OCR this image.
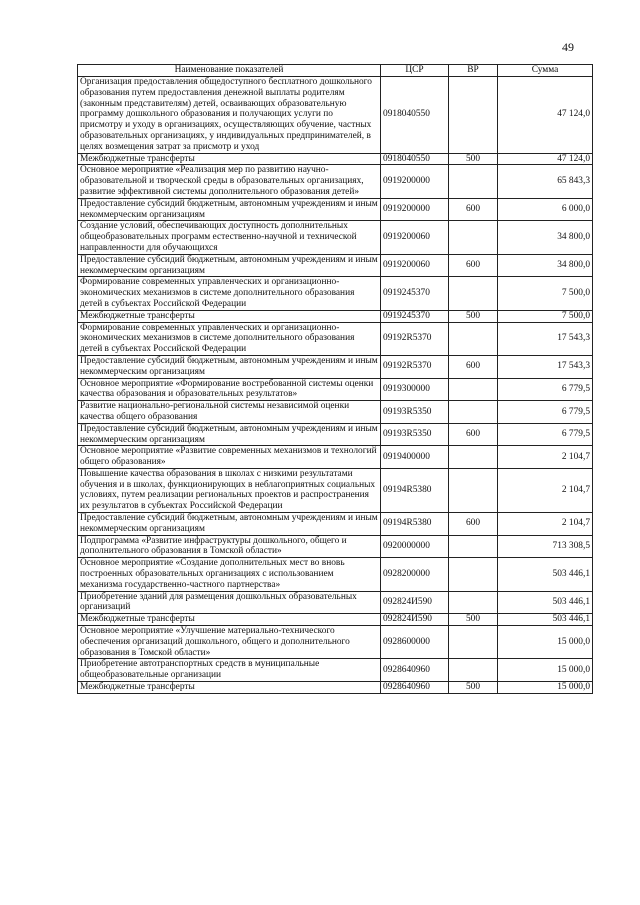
49
Наименование показателей	ЦСР	ВР	Сумма
Организация предоставления общедоступного бесплатного дошкольного образования путем предоставления денежной выплаты родителям (законным представителям) детей, осваивающих образовательную программу дошкольного образования и получающих услуги по присмотру и уходу в организациях, осуществляющих обучение, частных образовательных организациях, у индивидуальных предпринимателей, в целях возмещения затрат за присмотр и уход	0918040550		47 124,0
Межбюджетные трансферты	0918040550	500	47 124,0
Основное мероприятие «Реализация мер по развитию научно-образовательной и творческой среды в образовательных организациях, развитие эффективной системы дополнительного образования детей»	0919200000		65 843,3
Предоставление субсидий бюджетным, автономным учреждениям и иным некоммерческим организациям	0919200000	600	6 000,0
Создание условий, обеспечивающих доступность дополнительных общеобразовательных программ естественно-научной и технической направленности для обучающихся	0919200060		34 800,0
Предоставление субсидий бюджетным, автономным учреждениям и иным некоммерческим организациям	0919200060	600	34 800,0
Формирование современных управленческих и организационно-экономических механизмов в системе дополнительного образования детей в субъектах Российской Федерации	0919245370		7 500,0
Межбюджетные трансферты	0919245370	500	7 500,0
Формирование современных управленческих и организационно-экономических механизмов в системе дополнительного образования детей в субъектах Российской Федерации	09192R5370		17 543,3
Предоставление субсидий бюджетным, автономным учреждениям и иным некоммерческим организациям	09192R5370	600	17 543,3
Основное мероприятие «Формирование востребованной системы оценки качества образования и образовательных результатов»	0919300000		6 779,5
Развитие национально-региональной системы независимой оценки качества общего образования	09193R5350		6 779,5
Предоставление субсидий бюджетным, автономным учреждениям и иным некоммерческим организациям	09193R5350	600	6 779,5
Основное мероприятие «Развитие современных механизмов и технологий общего образования»	0919400000		2 104,7
Повышение качества образования в школах с низкими результатами обучения и в школах, функционирующих в неблагоприятных социальных условиях, путем реализации региональных проектов и распространения их результатов в субъектах Российской Федерации	09194R5380		2 104,7
Предоставление субсидий бюджетным, автономным учреждениям и иным некоммерческим организациям	09194R5380	600	2 104,7
Подпрограмма «Развитие инфраструктуры дошкольного, общего и дополнительного образования в Томской области»	0920000000		713 308,5
Основное мероприятие «Создание дополнительных мест во вновь построенных образовательных организациях с использованием механизма государственно-частного партнерства»	0928200000		503 446,1
Приобретение зданий для размещения дошкольных образовательных организаций	092824И590		503 446,1
Межбюджетные трансферты	092824И590	500	503 446,1
Основное мероприятие «Улучшение материально-технического обеспечения организаций дошкольного, общего и дополнительного образования в Томской области»	0928600000		15 000,0
Приобретение автотранспортных средств в муниципальные общеобразовательные организации	0928640960		15 000,0
Межбюджетные трансферты	0928640960	500	15 000,0
